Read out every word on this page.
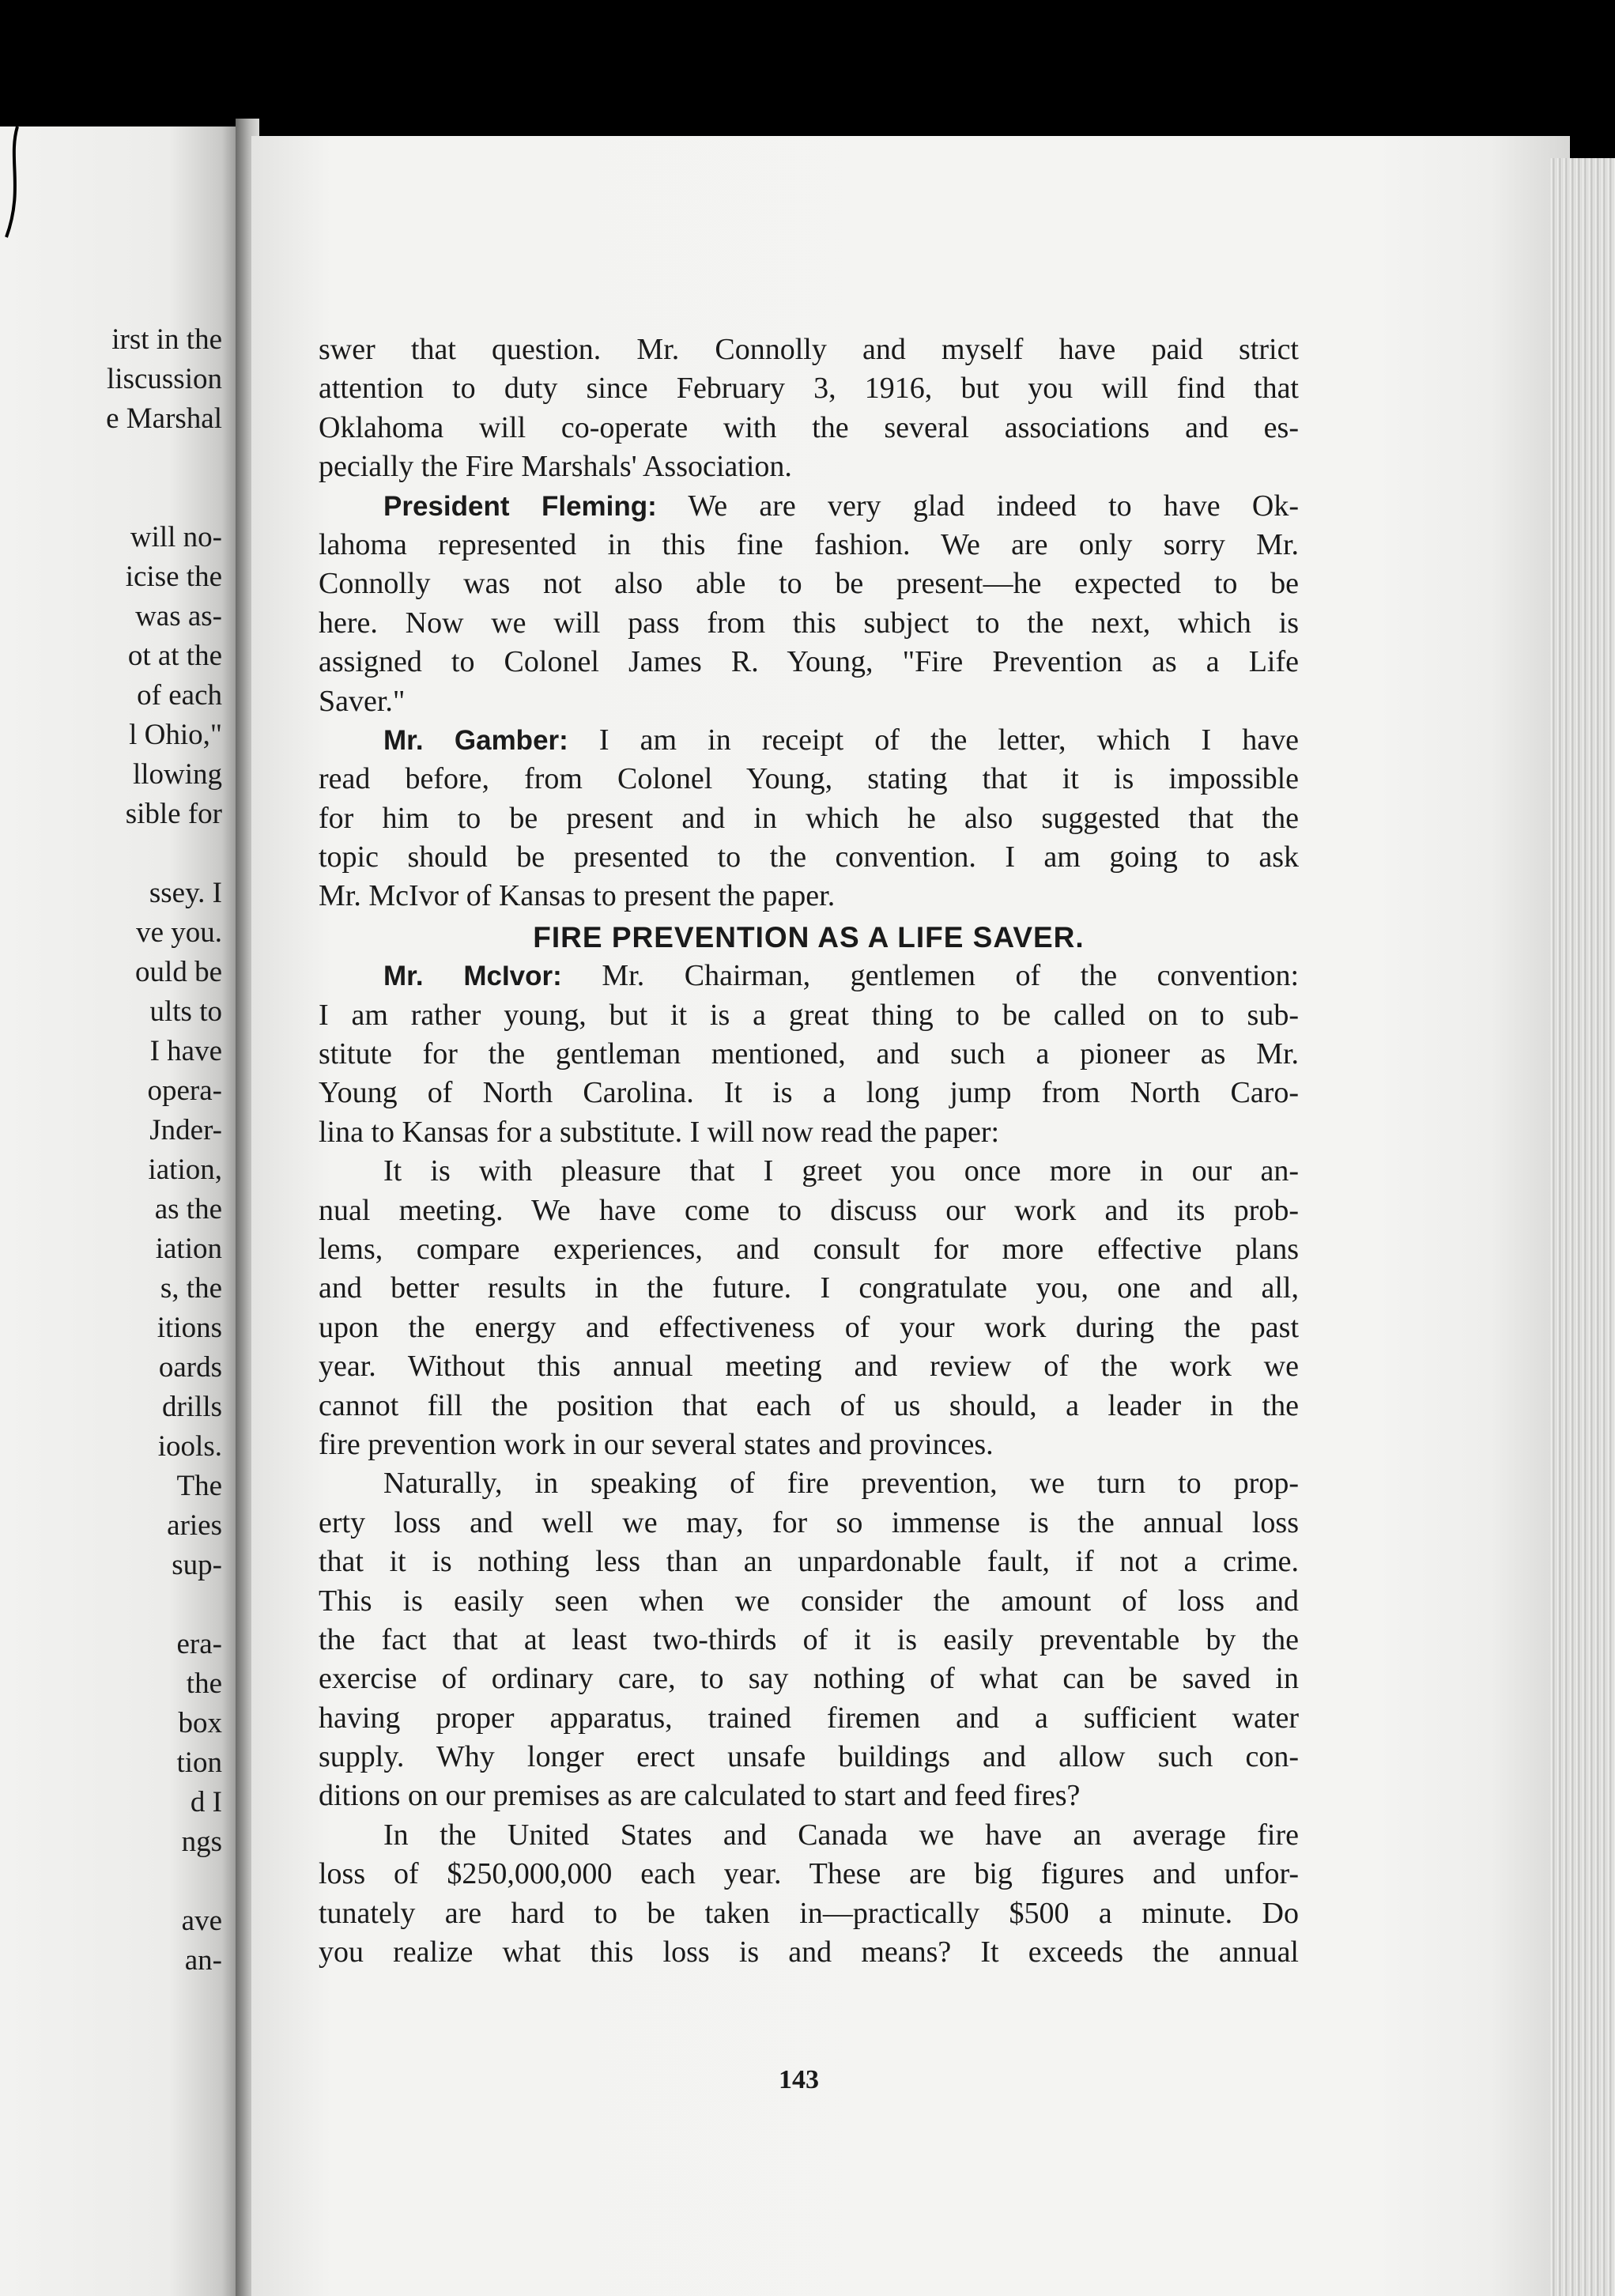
irst in the
liscussion
e Marshal
will no-
icise the
was as-
ot at the
of each
l Ohio,"
llowing
sible for
ssey. I
ve you.
ould be
ults to
I have
opera-
Jnder-
iation,
as the
iation
s, the
itions
oards
drills
iools.
The
aries
sup-
era-
the
box
tion
d I
ngs
ave
an-
swer that question. Mr. Connolly and myself have paid strict
attention to duty since February 3, 1916, but you will find that
Oklahoma will co-operate with the several associations and es-
pecially the Fire Marshals' Association.
President Fleming: We are very glad indeed to have Ok-
lahoma represented in this fine fashion. We are only sorry Mr.
Connolly was not also able to be present—he expected to be
here. Now we will pass from this subject to the next, which is
assigned to Colonel James R. Young, "Fire Prevention as a Life
Saver."
Mr. Gamber: I am in receipt of the letter, which I have
read before, from Colonel Young, stating that it is impossible
for him to be present and in which he also suggested that the
topic should be presented to the convention. I am going to ask
Mr. McIvor of Kansas to present the paper.
FIRE PREVENTION AS A LIFE SAVER.
Mr. McIvor: Mr. Chairman, gentlemen of the convention:
I am rather young, but it is a great thing to be called on to sub-
stitute for the gentleman mentioned, and such a pioneer as Mr.
Young of North Carolina. It is a long jump from North Caro-
lina to Kansas for a substitute. I will now read the paper:
It is with pleasure that I greet you once more in our an-
nual meeting. We have come to discuss our work and its prob-
lems, compare experiences, and consult for more effective plans
and better results in the future. I congratulate you, one and all,
upon the energy and effectiveness of your work during the past
year. Without this annual meeting and review of the work we
cannot fill the position that each of us should, a leader in the
fire prevention work in our several states and provinces.
Naturally, in speaking of fire prevention, we turn to prop-
erty loss and well we may, for so immense is the annual loss
that it is nothing less than an unpardonable fault, if not a crime.
This is easily seen when we consider the amount of loss and
the fact that at least two-thirds of it is easily preventable by the
exercise of ordinary care, to say nothing of what can be saved in
having proper apparatus, trained firemen and a sufficient water
supply. Why longer erect unsafe buildings and allow such con-
ditions on our premises as are calculated to start and feed fires?
In the United States and Canada we have an average fire
loss of $250,000,000 each year. These are big figures and unfor-
tunately are hard to be taken in—practically $500 a minute. Do
you realize what this loss is and means? It exceeds the annual
143
